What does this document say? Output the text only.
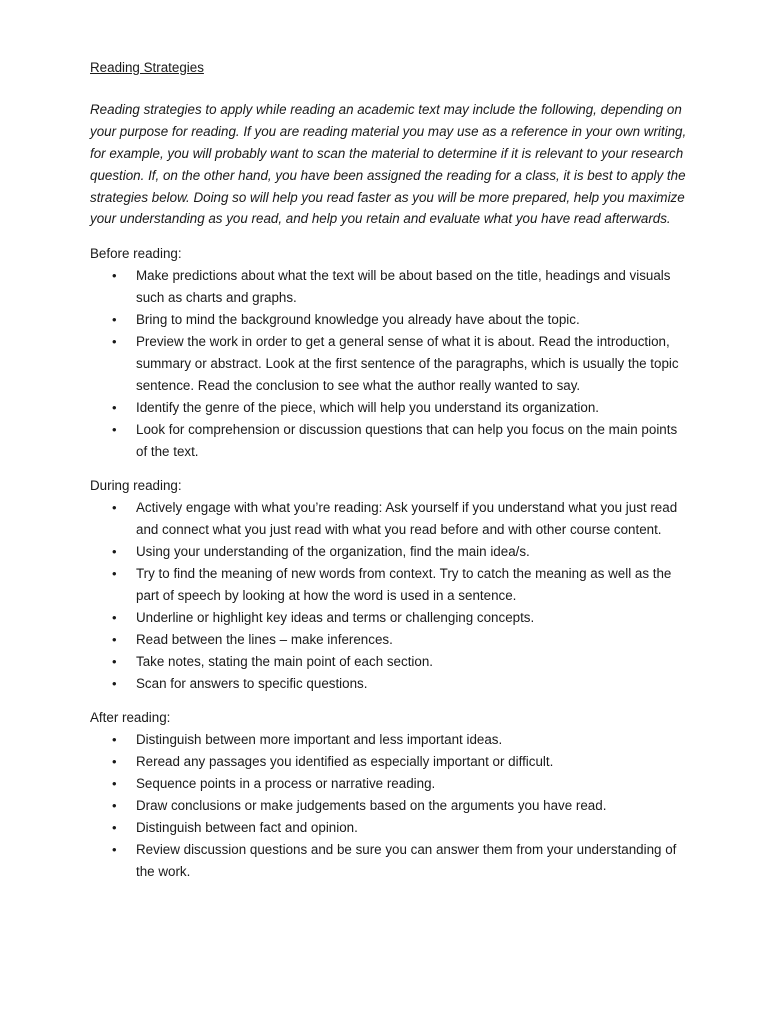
Reading Strategies

Reading strategies to apply while reading an academic text may include the following, depending on your purpose for reading. If you are reading material you may use as a reference in your own writing, for example, you will probably want to scan the material to determine if it is relevant to your research question. If, on the other hand, you have been assigned the reading for a class, it is best to apply the strategies below. Doing so will help you read faster as you will be more prepared, help you maximize your understanding as you read, and help you retain and evaluate what you have read afterwards.

Before reading:
• Make predictions about what the text will be about based on the title, headings and visuals such as charts and graphs.
• Bring to mind the background knowledge you already have about the topic.
• Preview the work in order to get a general sense of what it is about. Read the introduction, summary or abstract. Look at the first sentence of the paragraphs, which is usually the topic sentence. Read the conclusion to see what the author really wanted to say.
• Identify the genre of the piece, which will help you understand its organization.
• Look for comprehension or discussion questions that can help you focus on the main points of the text.
During reading:
• Actively engage with what you’re reading: Ask yourself if you understand what you just read and connect what you just read with what you read before and with other course content.
• Using your understanding of the organization, find the main idea/s.
• Try to find the meaning of new words from context. Try to catch the meaning as well as the part of speech by looking at how the word is used in a sentence.
• Underline or highlight key ideas and terms or challenging concepts.
• Read between the lines – make inferences.
• Take notes, stating the main point of each section.
• Scan for answers to specific questions.
After reading:
• Distinguish between more important and less important ideas.
• Reread any passages you identified as especially important or difficult.
• Sequence points in a process or narrative reading.
• Draw conclusions or make judgements based on the arguments you have read.
• Distinguish between fact and opinion.
• Review discussion questions and be sure you can answer them from your understanding of the work.
